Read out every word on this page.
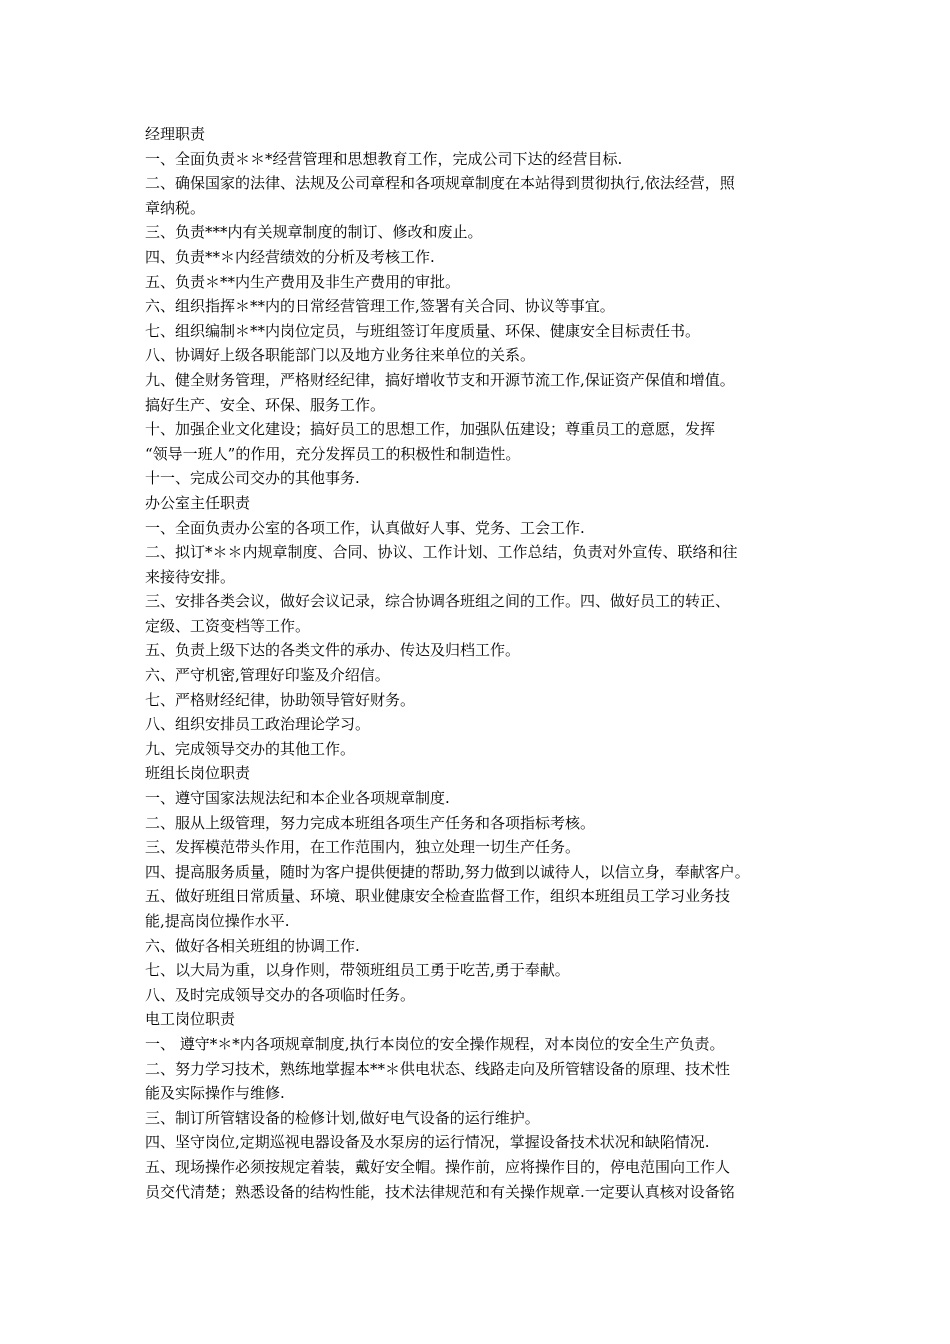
经理职责
一、全面负责＊＊*经营管理和思想教育工作，完成公司下达的经营目标.
二、确保国家的法律、法规及公司章程和各项规章制度在本站得到贯彻执行,依法经营，照
章纳税。
三、负责***内有关规章制度的制订、修改和废止。
四、负责**＊内经营绩效的分析及考核工作.
五、负责＊**内生产费用及非生产费用的审批。
六、组织指挥＊**内的日常经营管理工作,签署有关合同、协议等事宜。
七、组织编制＊**内岗位定员，与班组签订年度质量、环保、健康安全目标责任书。
八、协调好上级各职能部门以及地方业务往来单位的关系。
九、健全财务管理，严格财经纪律，搞好增收节支和开源节流工作,保证资产保值和增值。
搞好生产、安全、环保、服务工作。
十、加强企业文化建设；搞好员工的思想工作，加强队伍建设；尊重员工的意愿，发挥
“领导一班人”的作用，充分发挥员工的积极性和制造性。
十一、完成公司交办的其他事务.
办公室主任职责
一、全面负责办公室的各项工作，认真做好人事、党务、工会工作.
二、拟订*＊＊内规章制度、合同、协议、工作计划、工作总结，负责对外宣传、联络和往
来接待安排。
三、安排各类会议，做好会议记录，综合协调各班组之间的工作。四、做好员工的转正、
定级、工资变档等工作。
五、负责上级下达的各类文件的承办、传达及归档工作。
六、严守机密,管理好印鉴及介绍信。
七、严格财经纪律，协助领导管好财务。
八、组织安排员工政治理论学习。
九、完成领导交办的其他工作。
班组长岗位职责
一、遵守国家法规法纪和本企业各项规章制度.
二、服从上级管理，努力完成本班组各项生产任务和各项指标考核。
三、发挥模范带头作用，在工作范围内，独立处理一切生产任务。
四、提高服务质量，随时为客户提供便捷的帮助,努力做到以诚待人，以信立身，奉献客户。
五、做好班组日常质量、环境、职业健康安全检查监督工作，组织本班组员工学习业务技
能,提高岗位操作水平.
六、做好各相关班组的协调工作.
七、以大局为重，以身作则，带领班组员工勇于吃苦,勇于奉献。
八、及时完成领导交办的各项临时任务。
电工岗位职责
一、 遵守*＊*内各项规章制度,执行本岗位的安全操作规程，对本岗位的安全生产负责。
二、努力学习技术，熟练地掌握本**＊供电状态、线路走向及所管辖设备的原理、技术性
能及实际操作与维修.
三、制订所管辖设备的检修计划,做好电气设备的运行维护。
四、坚守岗位,定期巡视电器设备及水泵房的运行情况，掌握设备技术状况和缺陷情况.
五、现场操作必须按规定着装，戴好安全帽。操作前，应将操作目的，停电范围向工作人
员交代清楚；熟悉设备的结构性能，技术法律规范和有关操作规章.一定要认真核对设备铭
